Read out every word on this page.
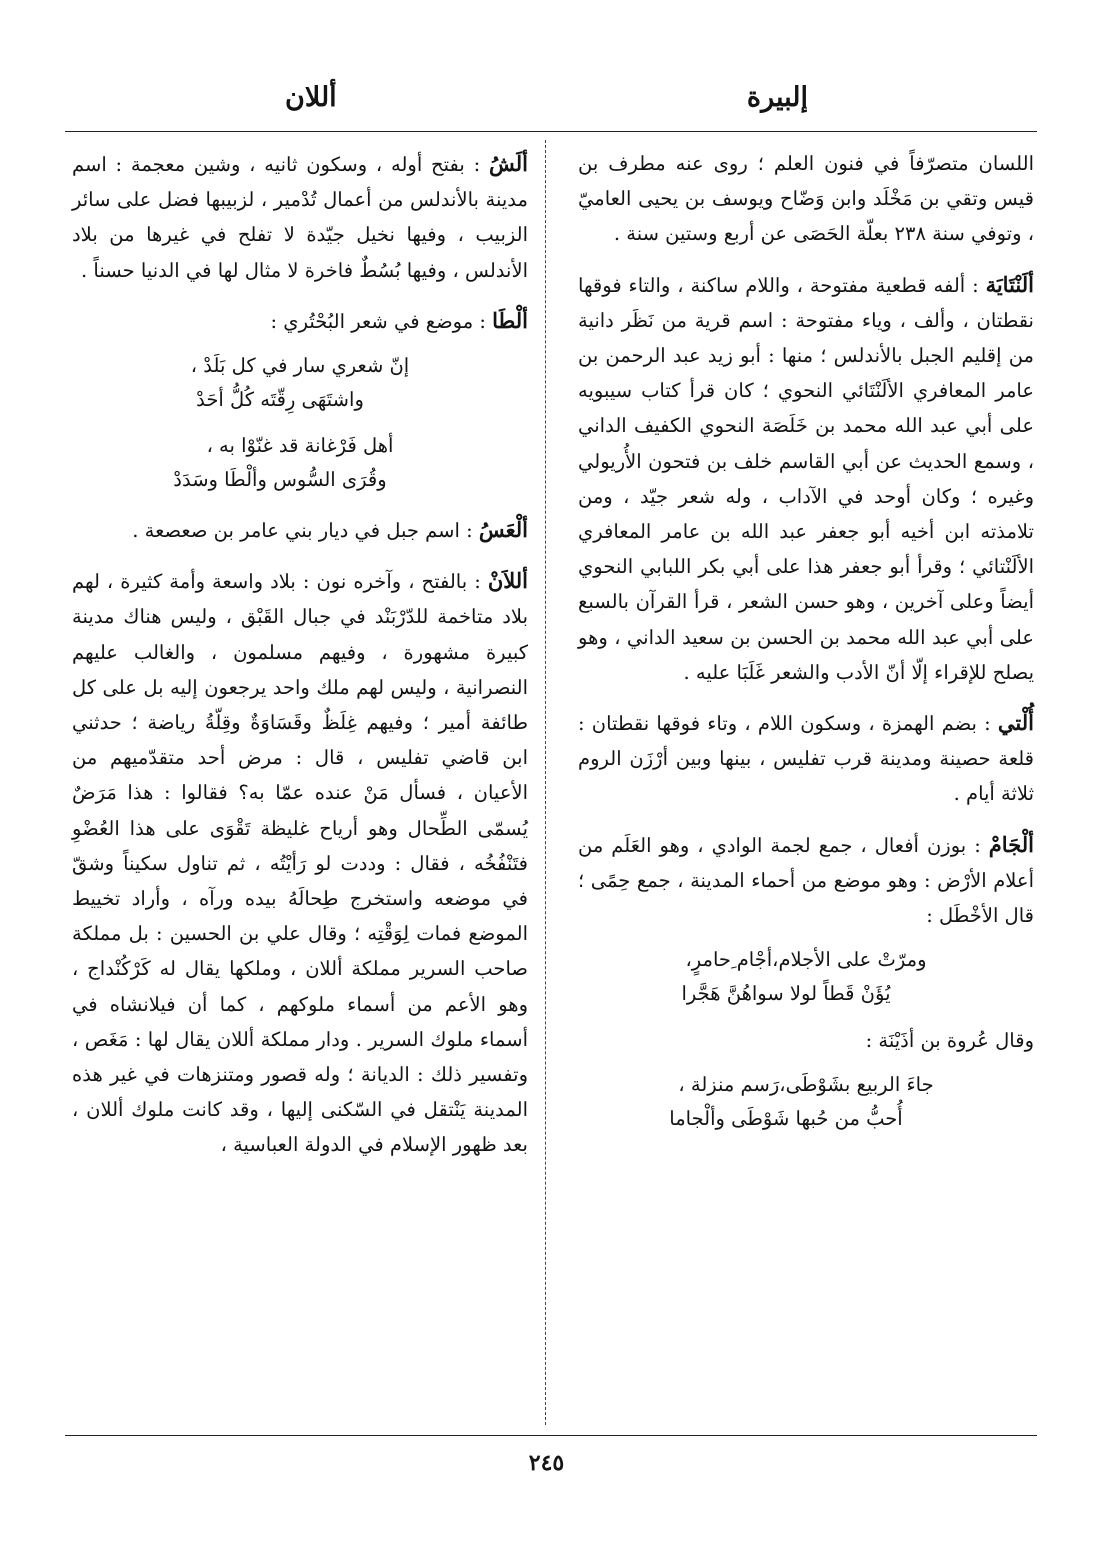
إلبيرة
أللان

اللسان متصرّفاً في فنون العلم ؛ روى عنه مطرف بن قيس وتقي بن مَخْلَد وابن وَضّاح ويوسف بن يحيى العاميّ ، وتوفي سنة ٢٣٨ بعلّة الحَصَى عن أربع وستين سنة .

ألَنْتَايَة : ألفه قطعية مفتوحة ، واللام ساكنة ، والتاء فوقها نقطتان ، وألف ، وياء مفتوحة : اسم قرية من نَظَر دانية من إقليم الجبل بالأندلس ؛ منها : أبو زيد عبد الرحمن بن عامر المعافري الألَنْتَائي النحوي ؛ كان قرأ كتاب سيبويه على أبي عبد الله محمد بن خَلَصَة النحوي الكفيف الداني ، وسمع الحديث عن أبي القاسم خلف بن فتحون الأُريولي وغيره ؛ وكان أوحد في الآداب ، وله شعر جيّد ، ومن تلامذته ابن أخيه أبو جعفر عبد الله بن عامر المعافري الألَنْتائي ؛ وقرأ أبو جعفر هذا على أبي بكر اللبابي النحوي أيضاً وعلى آخرين ، وهو حسن الشعر ، قرأ القرآن بالسبع على أبي عبد الله محمد بن الحسن بن سعيد الداني ، وهو يصلح للإقراء إلّا أنّ الأدب والشعر غَلَبَا عليه .

أُلْتي : بضم الهمزة ، وسكون اللام ، وتاء فوقها نقطتان : قلعة حصينة ومدينة قرب تفليس ، بينها وبين أرْزَن الروم ثلاثة أيام .

ألْجَامْ : بوزن أفعال ، جمع لجمة الوادي ، وهو العَلَم من أعلام الأرْض : وهو موضع من أحماء المدينة ، جمع حِمًى ؛ قال الأخْطَل :

ومرّتْ على الأجلام،أجْام ِحامرٍ،
يُؤَنْ قَطاً لولا سواهُنَّ هَجَّرا

وقال عُروة بن أذَيْنَة :

جاءَ الربيع بشَوْطَى،رَسم منزلة ،
أُحبُّ من حُبها شَوْطَى وألْجاما

ألَشُ : بفتح أوله ، وسكون ثانيه ، وشين معجمة : اسم مدينة بالأندلس من أعمال تُدْمير ، لزبيبها فضل على سائر الزبيب ، وفيها نخيل جيّدة لا تفلح في غيرها من بلاد الأندلس ، وفيها بُسُطٌ فاخرة لا مثال لها في الدنيا حسناً .

ألْطَا : موضع في شعر البُحْتُري :

إنّ شعري سار في كل بَلَدْ ،
واشتَهَى رِقّتَه كُلُّ أحَدْ
أهل فَرْغانة قد غنّوْا به ،
وقُرَى السُّوس وألْطَا وسَدَدْ

ألْعَسُ : اسم جبل في ديار بني عامر بن صعصعة .

أللاَنْ : بالفتح ، وآخره نون : بلاد واسعة وأمة كثيرة ، لهم بلاد متاخمة للدّرْبَنْد في جبال القَبْق ، وليس هناك مدينة كبيرة مشهورة ، وفيهم مسلمون ، والغالب عليهم النصرانية ، وليس لهم ملك واحد يرجعون إليه بل على كل طائفة أمير ؛ وفيهم غِلَظٌ وقَسَاوَةٌ وقِلّةُ رياضة ؛ حدثني ابن قاضي تفليس ، قال : مرض أحد متقدّميهم من الأعيان ، فسأل مَنْ عنده عمّا به؟ فقالوا : هذا مَرَضٌ يُسمّى الطِّحال وهو أرياح غليظة تَقْوَى على هذا العُضْوِ فتَنْفُخُه ، فقال : وددت لو رَأيْتُه ، ثم تناول سكيناً وشقّ في موضعه واستخرج طِحالَهُ بيده ورآه ، وأراد تخييط الموضع فمات لِوَقْتِه ؛ وقال علي بن الحسين : بل مملكة صاحب السرير مملكة أللان ، وملكها يقال له كَرْكُنْداج ، وهو الأعم من أسماء ملوكهم ، كما أن فيلانشاه في أسماء ملوك السرير . ودار مملكة أللان يقال لها : مَغَص ، وتفسير ذلك : الديانة ؛ وله قصور ومتنزهات في غير هذه المدينة يَنْتقل في السّكنى إليها ، وقد كانت ملوك أللان ، بعد ظهور الإسلام في الدولة العباسية ،

٢٤٥
